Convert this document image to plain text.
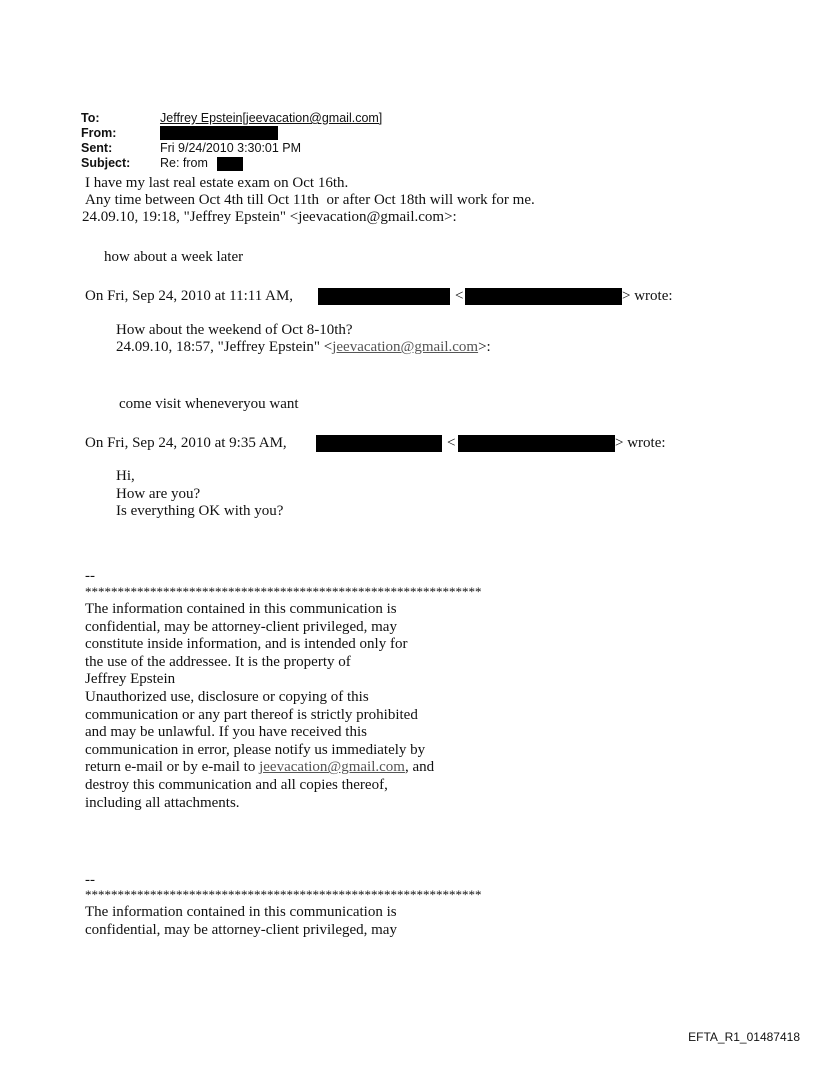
To:	Jeffrey Epstein[jeevacation@gmail.com]
From:
Sent:	Fri 9/24/2010 3:30:01 PM
Subject: Re: from
I have my last real estate exam on Oct 16th.
Any time between Oct 4th till Oct 11th  or after Oct 18th will work for me.
24.09.10, 19:18, "Jeffrey Epstein" <jeevacation@gmail.com>:
how about a week later
On Fri, Sep 24, 2010 at 11:11 AM,	<	> wrote:
How about the weekend of Oct 8-10th?
24.09.10, 18:57, "Jeffrey Epstein" <jeevacation@gmail.com>:
come visit wheneveryou want
On Fri, Sep 24, 2010 at 9:35 AM,	<	> wrote:
Hi,
How are you?
Is everything OK with you?
--
*************************************************************
The information contained in this communication is
confidential, may be attorney-client privileged, may
constitute inside information, and is intended only for
the use of the addressee. It is the property of
Jeffrey Epstein
Unauthorized use, disclosure or copying of this
communication or any part thereof is strictly prohibited
and may be unlawful. If you have received this
communication in error, please notify us immediately by
return e-mail or by e-mail to jeevacation@gmail.com, and
destroy this communication and all copies thereof,
including all attachments.
--
*************************************************************
The information contained in this communication is
confidential, may be attorney-client privileged, may
EFTA_R1_01487418
